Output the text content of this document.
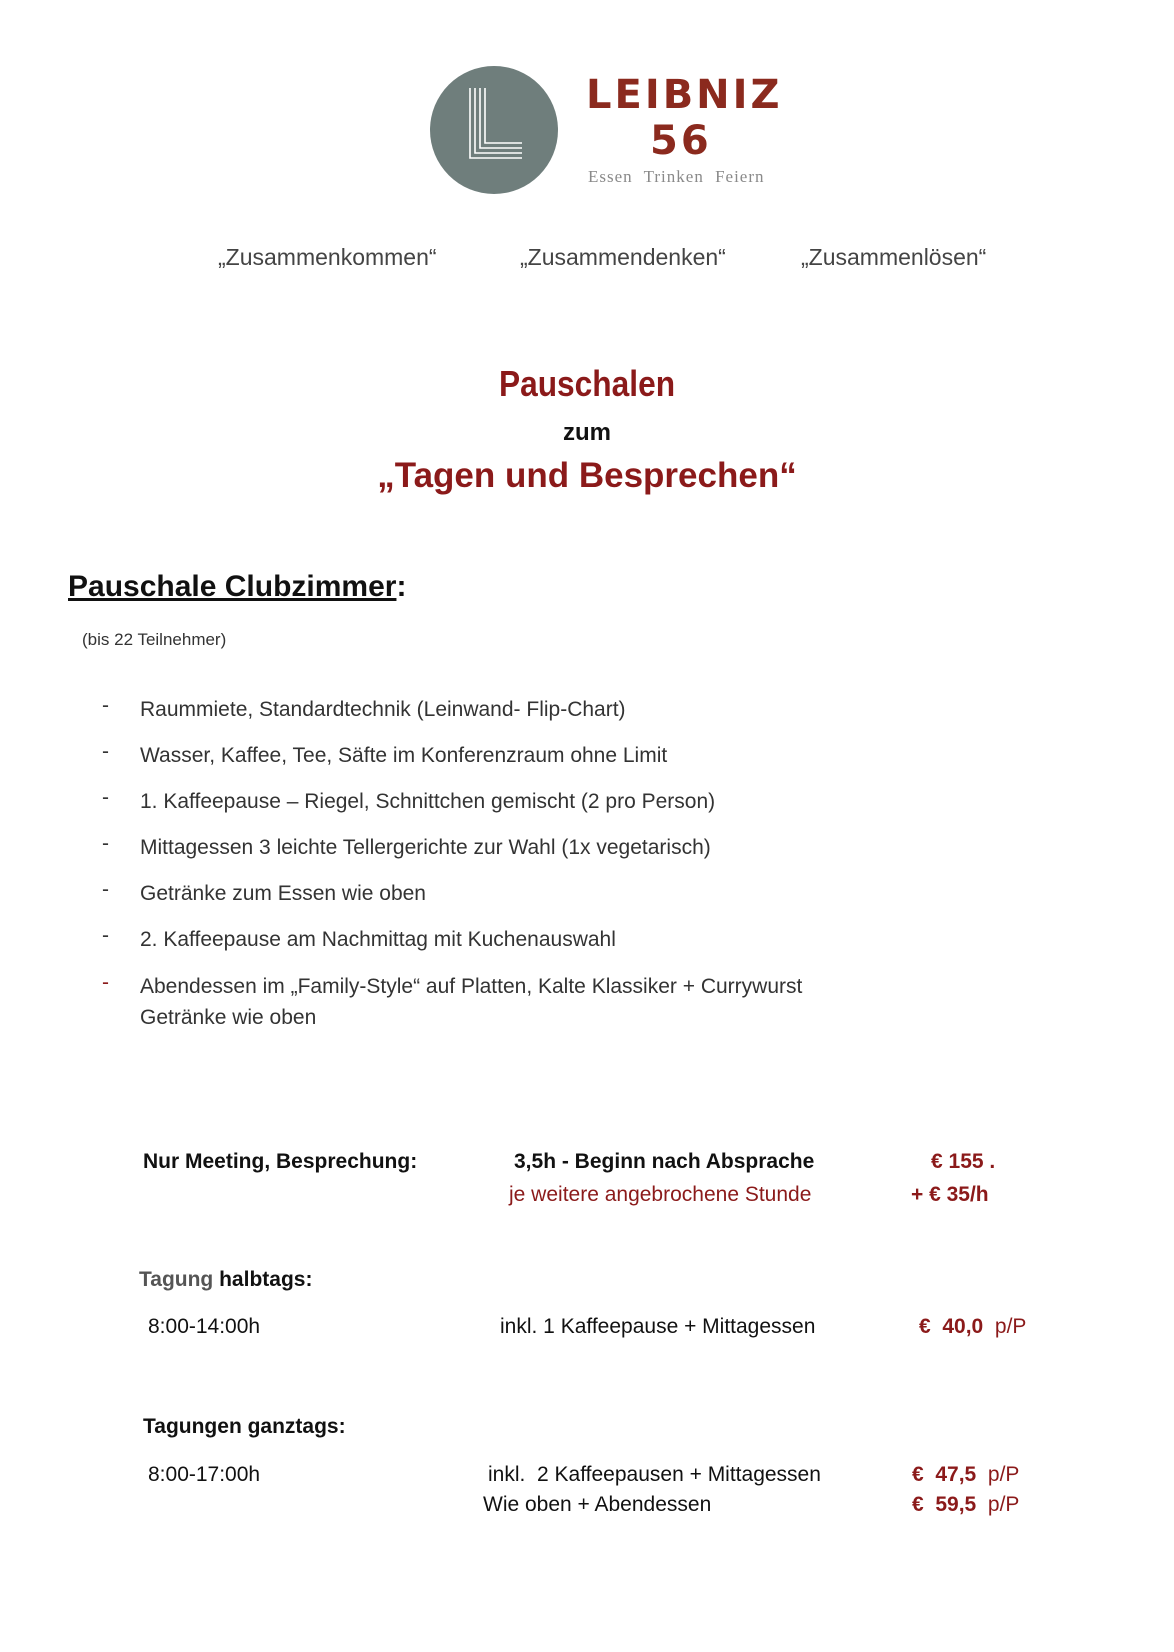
LEIBNIZ
56
Essen Trinken Feiern
„Zusammenkommen“	„Zusammendenken“	„Zusammenlösen“
Pauschalen
zum
„Tagen und Besprechen“
Pauschale Clubzimmer:
(bis 22 Teilnehmer)
- Raummiete, Standardtechnik (Leinwand- Flip-Chart)
- Wasser, Kaffee, Tee, Säfte im Konferenzraum ohne Limit
- 1. Kaffeepause – Riegel, Schnittchen gemischt (2 pro Person)
- Mittagessen 3 leichte Tellergerichte zur Wahl (1x vegetarisch)
- Getränke zum Essen wie oben
- 2. Kaffeepause am Nachmittag mit Kuchenauswahl
- Abendessen im „Family-Style“ auf Platten, Kalte Klassiker + Currywurst
Getränke wie oben
Nur Meeting, Besprechung:	3,5h - Beginn nach Absprache	€ 155 .
je weitere angebrochene Stunde	+ € 35/h
Tagung halbtags:
8:00-14:00h	inkl. 1 Kaffeepause + Mittagessen	€  40,0  p/P
Tagungen ganztags:
8:00-17:00h	inkl.  2 Kaffeepausen + Mittagessen	€  47,5  p/P
Wie oben + Abendessen	€  59,5  p/P
